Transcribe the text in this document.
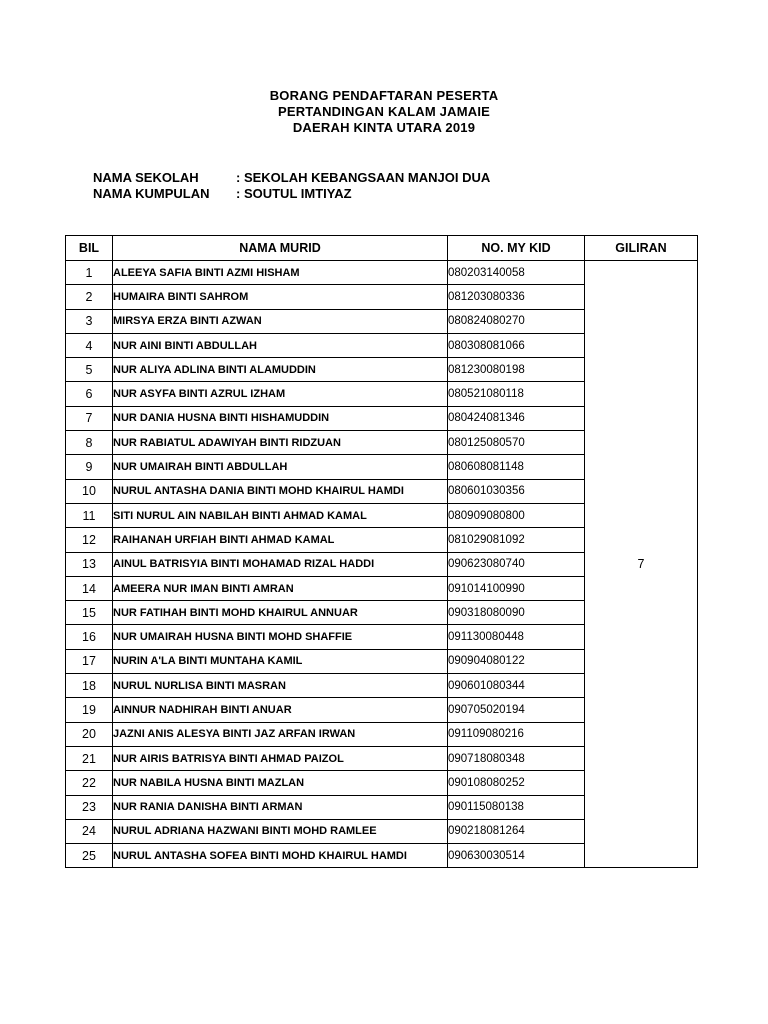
BORANG PENDAFTARAN PESERTA
PERTANDINGAN KALAM JAMAIE
DAERAH KINTA UTARA 2019
NAMA SEKOLAH	: SEKOLAH KEBANGSAAN MANJOI DUA
NAMA KUMPULAN	: SOUTUL IMTIYAZ
BIL	NAMA MURID	NO. MY KID	GILIRAN
1	ALEEYA SAFIA BINTI AZMI HISHAM	080203140058	7
2	HUMAIRA BINTI SAHROM	081203080336	
3	MIRSYA ERZA BINTI AZWAN	080824080270	
4	NUR AINI BINTI ABDULLAH	080308081066	
5	NUR ALIYA ADLINA BINTI ALAMUDDIN	081230080198	
6	NUR ASYFA BINTI AZRUL IZHAM	080521080118	
7	NUR DANIA HUSNA BINTI HISHAMUDDIN	080424081346	
8	NUR RABIATUL ADAWIYAH BINTI RIDZUAN	080125080570	
9	NUR UMAIRAH BINTI ABDULLAH	080608081148	
10	NURUL ANTASHA DANIA BINTI MOHD KHAIRUL HAMDI	080601030356	
11	SITI NURUL AIN NABILAH BINTI AHMAD KAMAL	080909080800	
12	RAIHANAH URFIAH BINTI AHMAD KAMAL	081029081092	
13	AINUL BATRISYIA BINTI MOHAMAD RIZAL HADDI	090623080740	
14	AMEERA NUR IMAN BINTI AMRAN	091014100990	
15	NUR FATIHAH BINTI MOHD KHAIRUL ANNUAR	090318080090	
16	NUR UMAIRAH HUSNA BINTI MOHD SHAFFIE	091130080448	
17	NURIN A'LA BINTI MUNTAHA KAMIL	090904080122	
18	NURUL NURLISA BINTI MASRAN	090601080344	
19	AINNUR NADHIRAH BINTI ANUAR	090705020194	
20	JAZNI ANIS ALESYA BINTI JAZ ARFAN IRWAN	091109080216	
21	NUR AIRIS BATRISYA BINTI AHMAD PAIZOL	090718080348	
22	NUR NABILA HUSNA BINTI MAZLAN	090108080252	
23	NUR RANIA DANISHA BINTI ARMAN	090115080138	
24	NURUL ADRIANA HAZWANI BINTI MOHD RAMLEE	090218081264	
25	NURUL ANTASHA SOFEA BINTI MOHD KHAIRUL HAMDI	090630030514	
